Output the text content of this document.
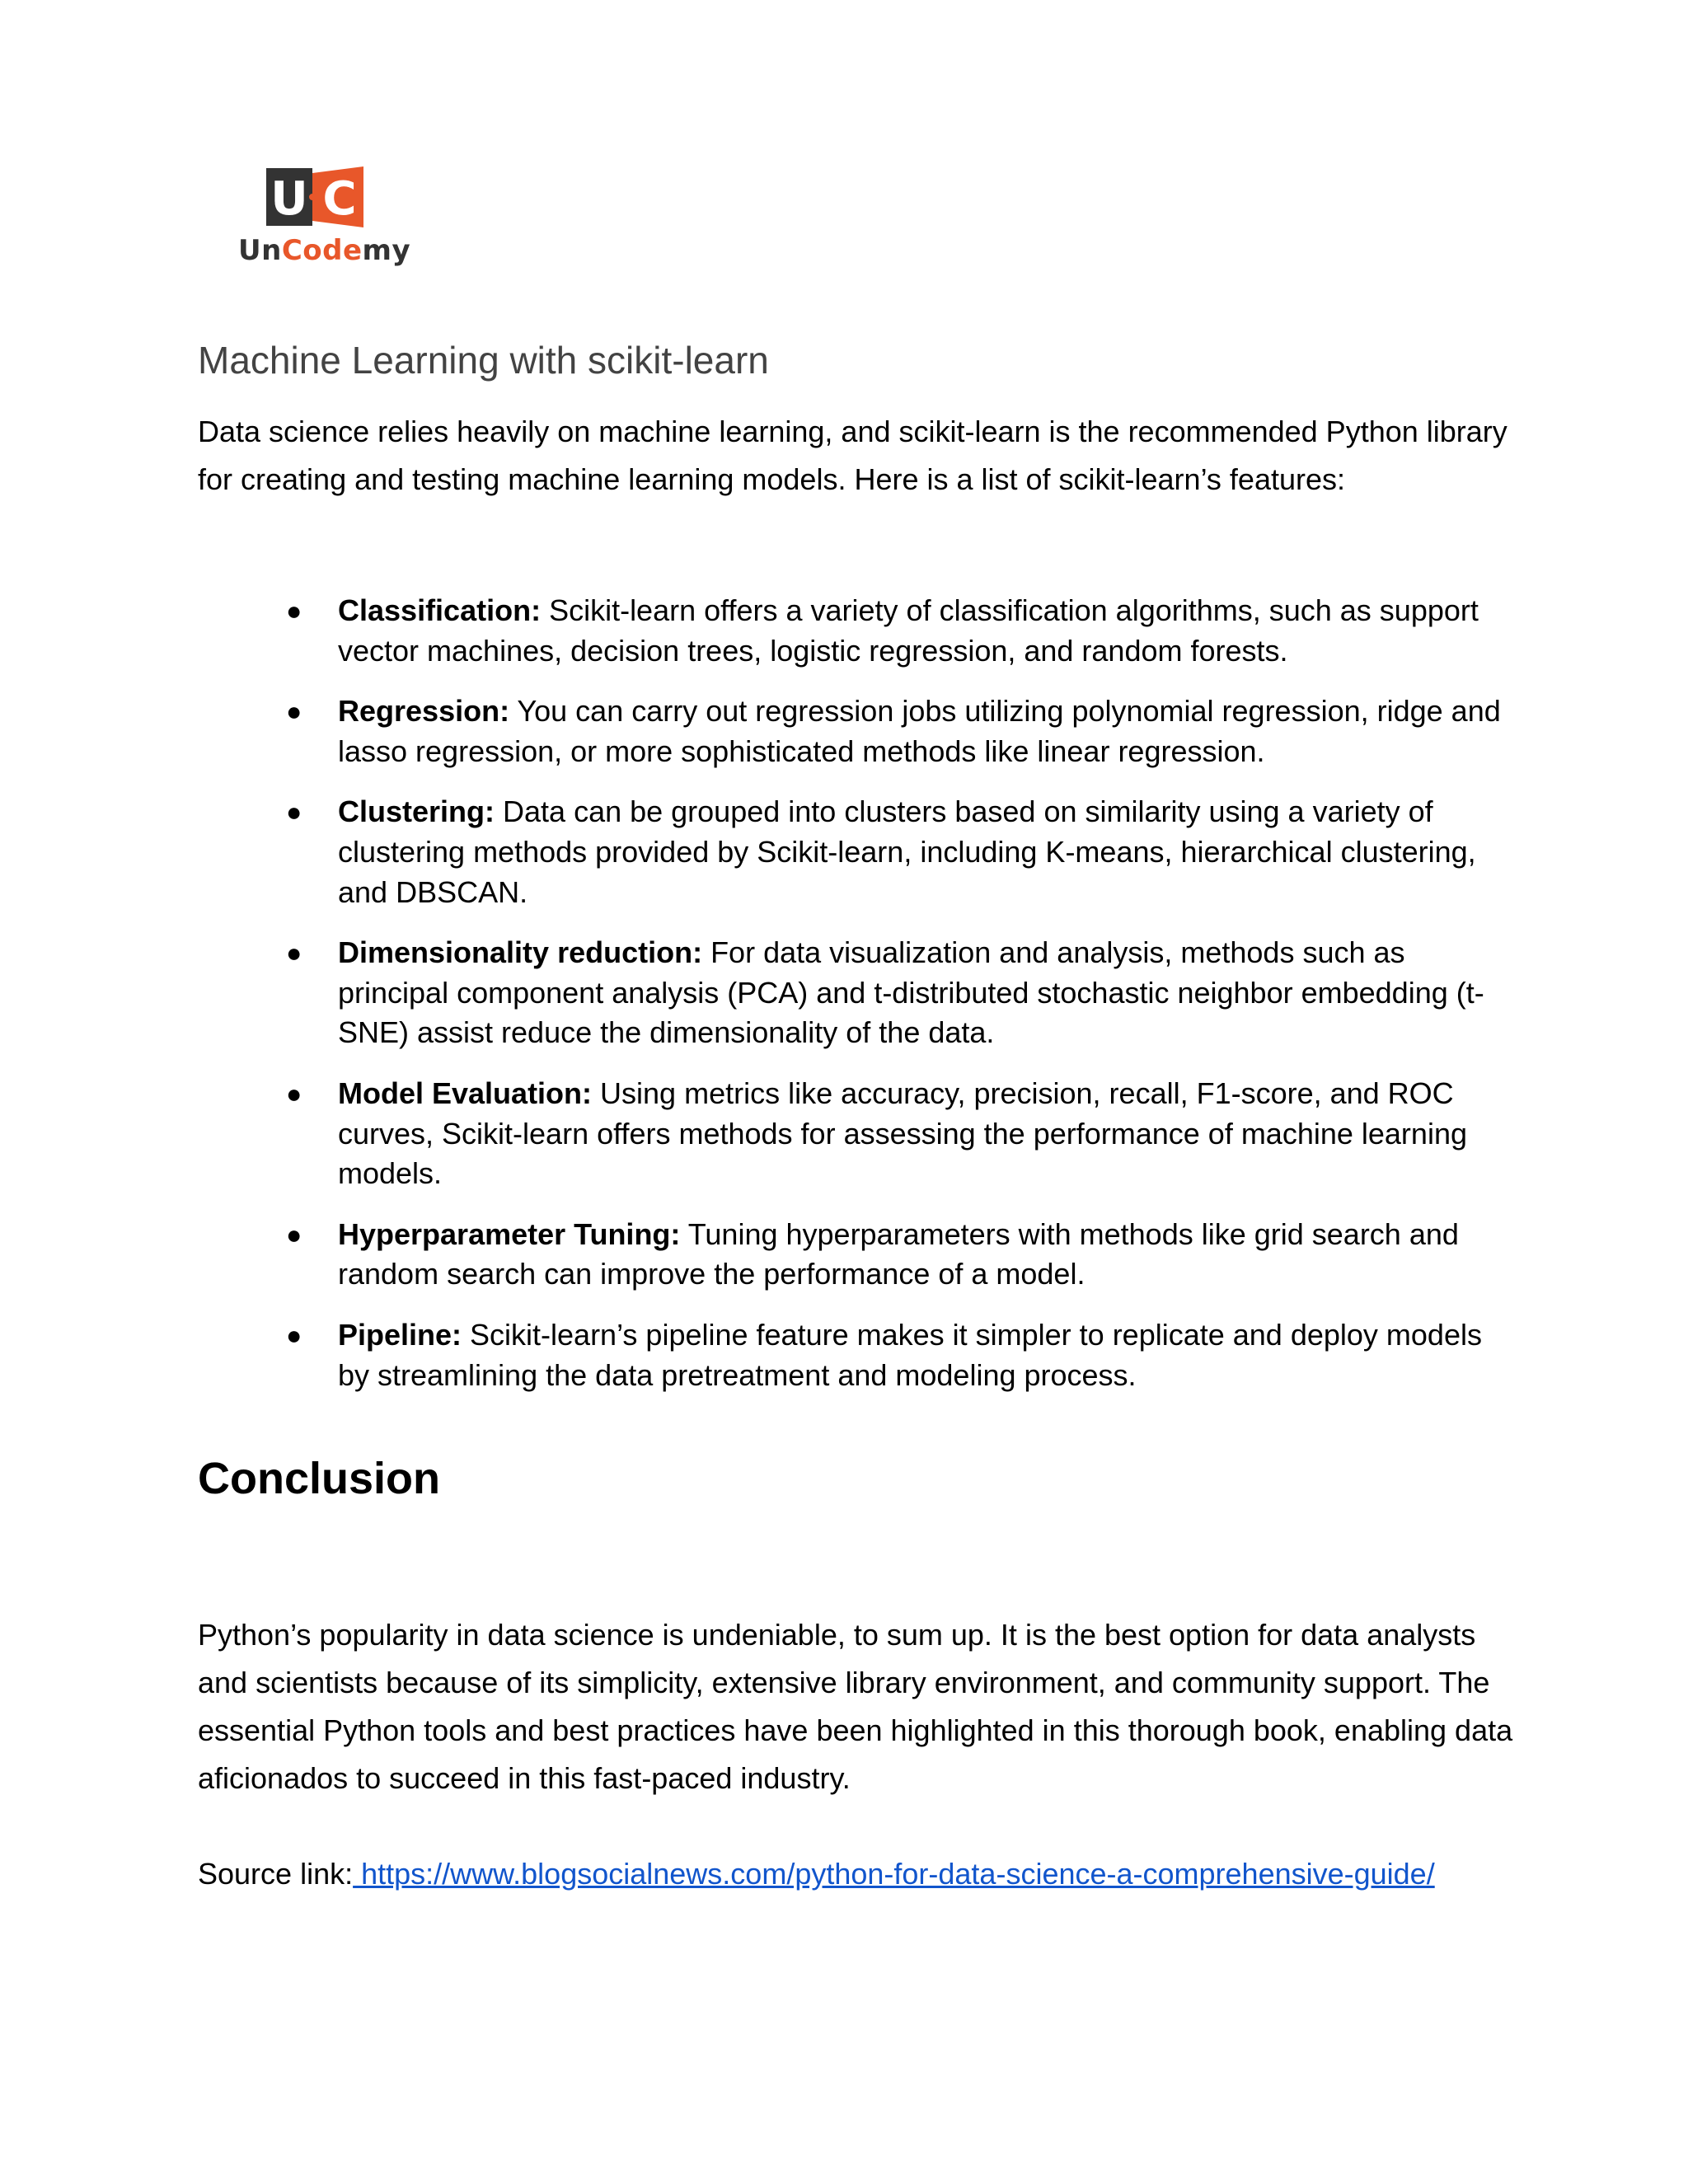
U C
UnCodemy
Machine Learning with scikit-learn

Data science relies heavily on machine learning, and scikit-learn is the recommended Python library for creating and testing machine learning models. Here is a list of scikit-learn’s features:

● Classification: Scikit-learn offers a variety of classification algorithms, such as support vector machines, decision trees, logistic regression, and random forests.
● Regression: You can carry out regression jobs utilizing polynomial regression, ridge and lasso regression, or more sophisticated methods like linear regression.
● Clustering: Data can be grouped into clusters based on similarity using a variety of clustering methods provided by Scikit-learn, including K-means, hierarchical clustering, and DBSCAN.
● Dimensionality reduction: For data visualization and analysis, methods such as principal component analysis (PCA) and t-distributed stochastic neighbor embedding (t-SNE) assist reduce the dimensionality of the data.
● Model Evaluation: Using metrics like accuracy, precision, recall, F1-score, and ROC curves, Scikit-learn offers methods for assessing the performance of machine learning models.
● Hyperparameter Tuning: Tuning hyperparameters with methods like grid search and random search can improve the performance of a model.
● Pipeline: Scikit-learn’s pipeline feature makes it simpler to replicate and deploy models by streamlining the data pretreatment and modeling process.
Conclusion

Python’s popularity in data science is undeniable, to sum up. It is the best option for data analysts and scientists because of its simplicity, extensive library environment, and community support. The essential Python tools and best practices have been highlighted in this thorough book, enabling data aficionados to succeed in this fast-paced industry.

Source link: https://www.blogsocialnews.com/python-for-data-science-a-comprehensive-guide/
